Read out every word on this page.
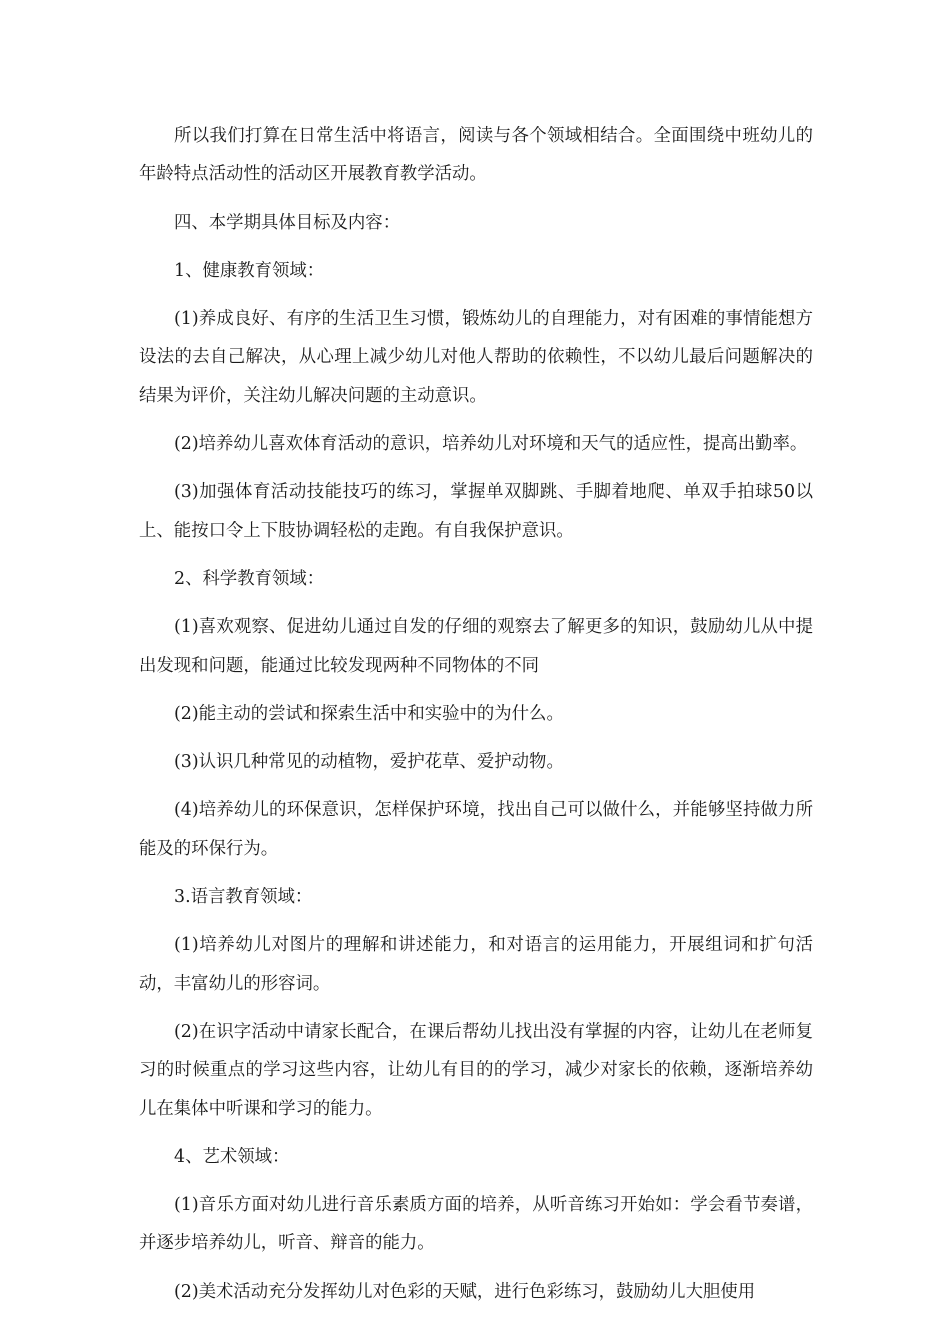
所以我们打算在日常生活中将语言，阅读与各个领域相结合。全面围绕中班幼儿的年龄特点活动性的活动区开展教育教学活动。

四、本学期具体目标及内容：

1、健康教育领域：

(1)养成良好、有序的生活卫生习惯，锻炼幼儿的自理能力，对有困难的事情能想方设法的去自己解决，从心理上减少幼儿对他人帮助的依赖性，不以幼儿最后问题解决的结果为评价，关注幼儿解决问题的主动意识。

(2)培养幼儿喜欢体育活动的意识，培养幼儿对环境和天气的适应性，提高出勤率。

(3)加强体育活动技能技巧的练习，掌握单双脚跳、手脚着地爬、单双手拍球50以上、能按口令上下肢协调轻松的走跑。有自我保护意识。

2、科学教育领域：

(1)喜欢观察、促进幼儿通过自发的仔细的观察去了解更多的知识，鼓励幼儿从中提出发现和问题，能通过比较发现两种不同物体的不同

(2)能主动的尝试和探索生活中和实验中的为什么。

(3)认识几种常见的动植物，爱护花草、爱护动物。

(4)培养幼儿的环保意识，怎样保护环境，找出自己可以做什么，并能够坚持做力所能及的环保行为。

3.语言教育领域：

(1)培养幼儿对图片的理解和讲述能力，和对语言的运用能力，开展组词和扩句活动，丰富幼儿的形容词。

(2)在识字活动中请家长配合，在课后帮幼儿找出没有掌握的内容，让幼儿在老师复习的时候重点的学习这些内容，让幼儿有目的的学习，减少对家长的依赖，逐渐培养幼儿在集体中听课和学习的能力。

4、艺术领域：

(1)音乐方面对幼儿进行音乐素质方面的培养，从听音练习开始如：学会看节奏谱，并逐步培养幼儿，听音、辩音的能力。

(2)美术活动充分发挥幼儿对色彩的天赋，进行色彩练习，鼓励幼儿大胆使用
